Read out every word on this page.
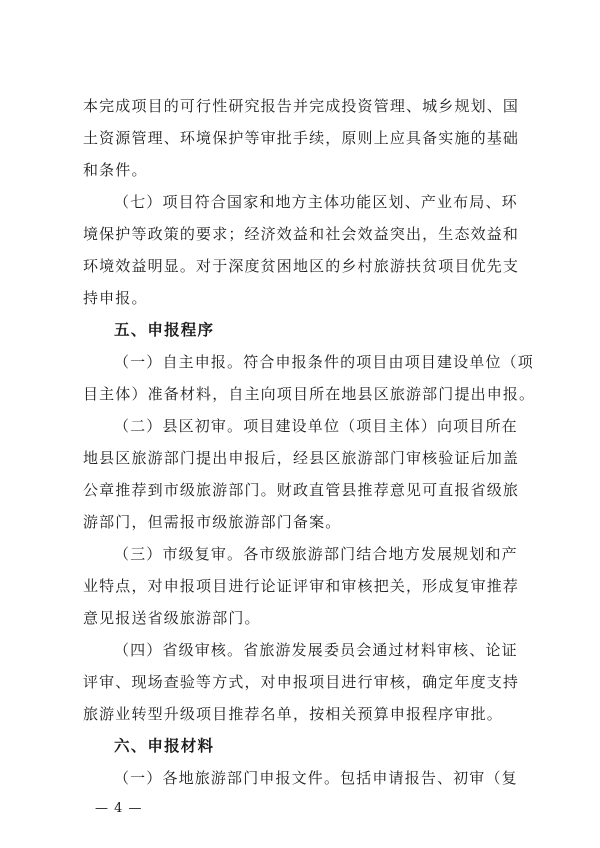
本完成项目的可行性研究报告并完成投资管理、城乡规划、国
土资源管理、环境保护等审批手续，原则上应具备实施的基础
和条件。
（七）项目符合国家和地方主体功能区划、产业布局、环
境保护等政策的要求；经济效益和社会效益突出，生态效益和
环境效益明显。对于深度贫困地区的乡村旅游扶贫项目优先支
持申报。
五、申报程序
（一）自主申报。符合申报条件的项目由项目建设单位（项
目主体）准备材料，自主向项目所在地县区旅游部门提出申报。
（二）县区初审。项目建设单位（项目主体）向项目所在
地县区旅游部门提出申报后，经县区旅游部门审核验证后加盖
公章推荐到市级旅游部门。财政直管县推荐意见可直报省级旅
游部门，但需报市级旅游部门备案。
（三）市级复审。各市级旅游部门结合地方发展规划和产
业特点，对申报项目进行论证评审和审核把关，形成复审推荐
意见报送省级旅游部门。
（四）省级审核。省旅游发展委员会通过材料审核、论证
评审、现场查验等方式，对申报项目进行审核，确定年度支持
旅游业转型升级项目推荐名单，按相关预算申报程序审批。
六、申报材料
（一）各地旅游部门申报文件。包括申请报告、初审（复
— 4 —
